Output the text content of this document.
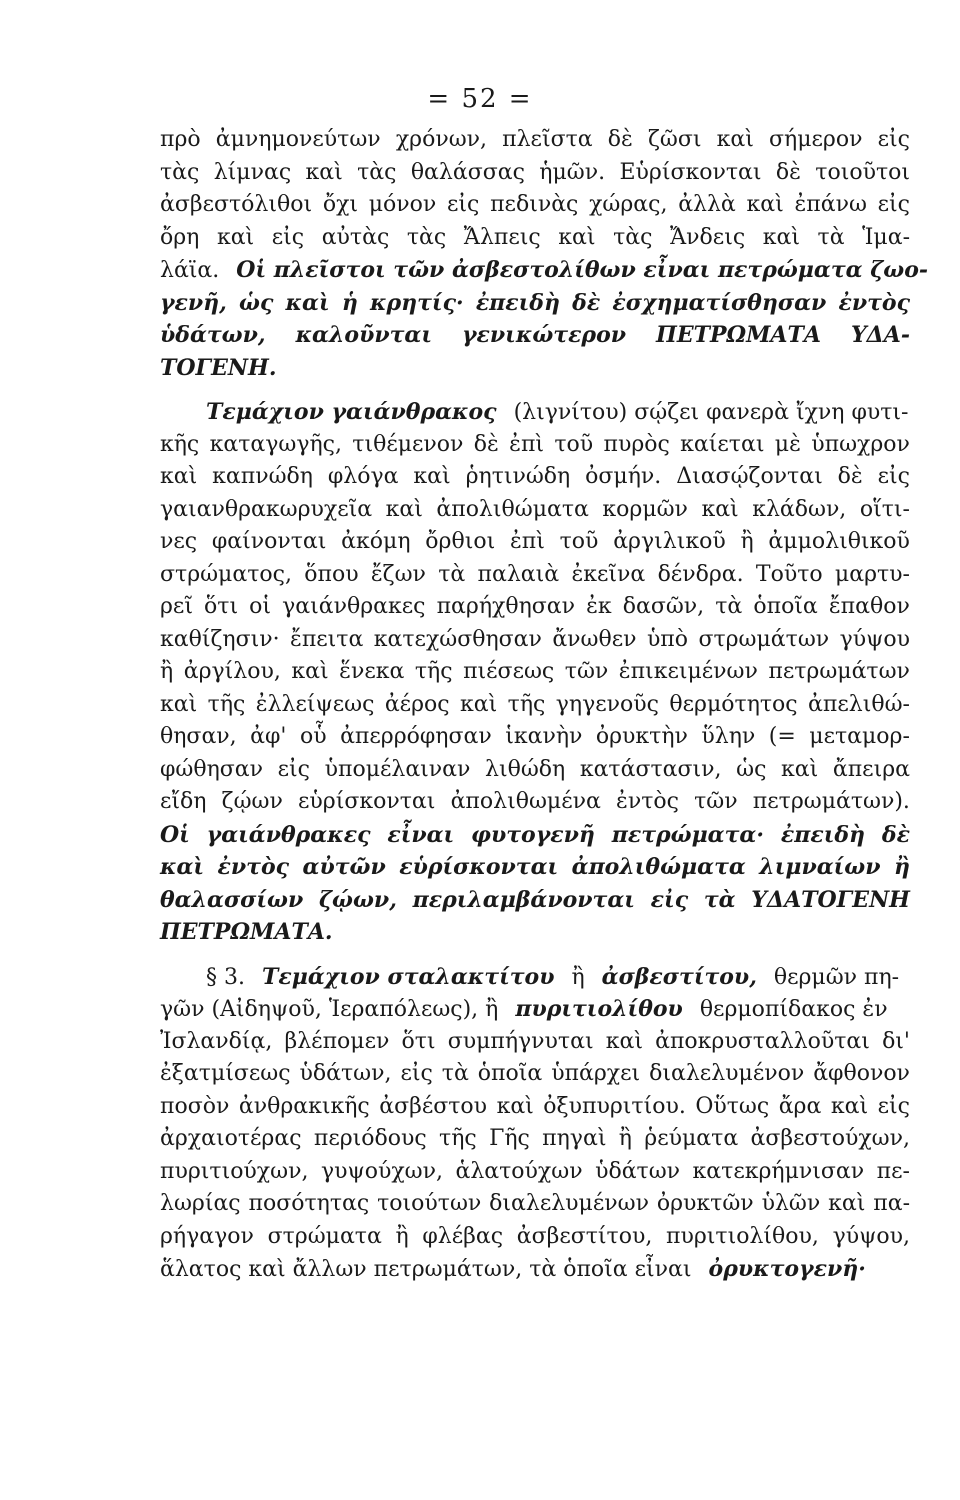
= 52 =
πρὸ ἀμνημονεύτων χρόνων, πλεῖστα δὲ ζῶσι καὶ σήμερον εἰς
τὰς λίμνας καὶ τὰς θαλάσσας ἡμῶν. Εὑρίσκονται δὲ τοιοῦτοι
ἀσβεστόλιθοι ὄχι μόνον εἰς πεδινὰς χώρας, ἀλλὰ καὶ ἐπάνω εἰς
ὄρη καὶ εἰς αὐτὰς τὰς Ἄλπεις καὶ τὰς Ἄνδεις καὶ τὰ Ἱμα-
λάϊα. Οἱ πλεῖστοι τῶν ἀσβεστολίθων εἶναι πετρώματα ζωο-
γενῆ, ὡς καὶ ἡ κρητίς· ἐπειδὴ δὲ ἐσχηματίσθησαν ἐντὸς
ὑδάτων, καλοῦνται γενικώτερον ΠΕΤΡΩΜΑΤΑ ΥΔΑ-
ΤΟΓΕΝΗ.
Τεμάχιον γαιάνθρακος (λιγνίτου) σῴζει φανερὰ ἴχνη φυτι-
κῆς καταγωγῆς, τιθέμενον δὲ ἐπὶ τοῦ πυρὸς καίεται μὲ ὑπωχρον
καὶ καπνώδη φλόγα καὶ ῥητινώδη ὀσμήν. Διασῴζονται δὲ εἰς
γαιανθρακωρυχεῖα καὶ ἀπολιθώματα κορμῶν καὶ κλάδων, οἵτι-
νες φαίνονται ἀκόμη ὄρθιοι ἐπὶ τοῦ ἀργιλικοῦ ἢ ἀμμολιθικοῦ
στρώματος, ὅπου ἔζων τὰ παλαιὰ ἐκεῖνα δένδρα. Τοῦτο μαρτυ-
ρεῖ ὅτι οἱ γαιάνθρακες παρήχθησαν ἐκ δασῶν, τὰ ὁποῖα ἔπαθον
καθίζησιν· ἔπειτα κατεχώσθησαν ἄνωθεν ὑπὸ στρωμάτων γύψου
ἢ ἀργίλου, καὶ ἕνεκα τῆς πιέσεως τῶν ἐπικειμένων πετρωμάτων
καὶ τῆς ἐλλείψεως ἀέρος καὶ τῆς γηγενοῦς θερμότητος ἀπελιθώ-
θησαν, ἀφ' οὗ ἀπερρόφησαν ἱκανὴν ὀρυκτὴν ὕλην (= μεταμορ-
φώθησαν εἰς ὑπομέλαιναν λιθώδη κατάστασιν, ὡς καὶ ἄπειρα
εἴδη ζῴων εὑρίσκονται ἀπολιθωμένα ἐντὸς τῶν πετρωμάτων).
Οἱ γαιάνθρακες εἶναι φυτογενῆ πετρώματα· ἐπειδὴ δὲ
καὶ ἐντὸς αὐτῶν εὑρίσκονται ἀπολιθώματα λιμναίων ἢ
θαλασσίων ζῴων, περιλαμβάνονται εἰς τὰ ΥΔΑΤΟΓΕΝΗ
ΠΕΤΡΩΜΑΤΑ.
§ 3. Τεμάχιον σταλακτίτου ἢ ἀσβεστίτου, θερμῶν πη-
γῶν (Αἰδηψοῦ, Ἱεραπόλεως), ἢ πυριτιολίθου θερμοπίδακος ἐν
Ἰσλανδίᾳ, βλέπομεν ὅτι συμπήγνυται καὶ ἀποκρυσταλλοῦται δι'
ἐξατμίσεως ὑδάτων, εἰς τὰ ὁποῖα ὑπάρχει διαλελυμένον ἄφθονον
ποσὸν ἀνθρακικῆς ἀσβέστου καὶ ὀξυπυριτίου. Οὕτως ἄρα καὶ εἰς
ἀρχαιοτέρας περιόδους τῆς Γῆς πηγαὶ ἢ ῥεύματα ἀσβεστούχων,
πυριτιούχων, γυψούχων, ἁλατούχων ὑδάτων κατεκρήμνισαν πε-
λωρίας ποσότητας τοιούτων διαλελυμένων ὀρυκτῶν ὑλῶν καὶ πα-
ρήγαγον στρώματα ἢ φλέβας ἀσβεστίτου, πυριτιολίθου, γύψου,
ἅλατος καὶ ἄλλων πετρωμάτων, τὰ ὁποῖα εἶναι ὀρυκτογενῆ·
